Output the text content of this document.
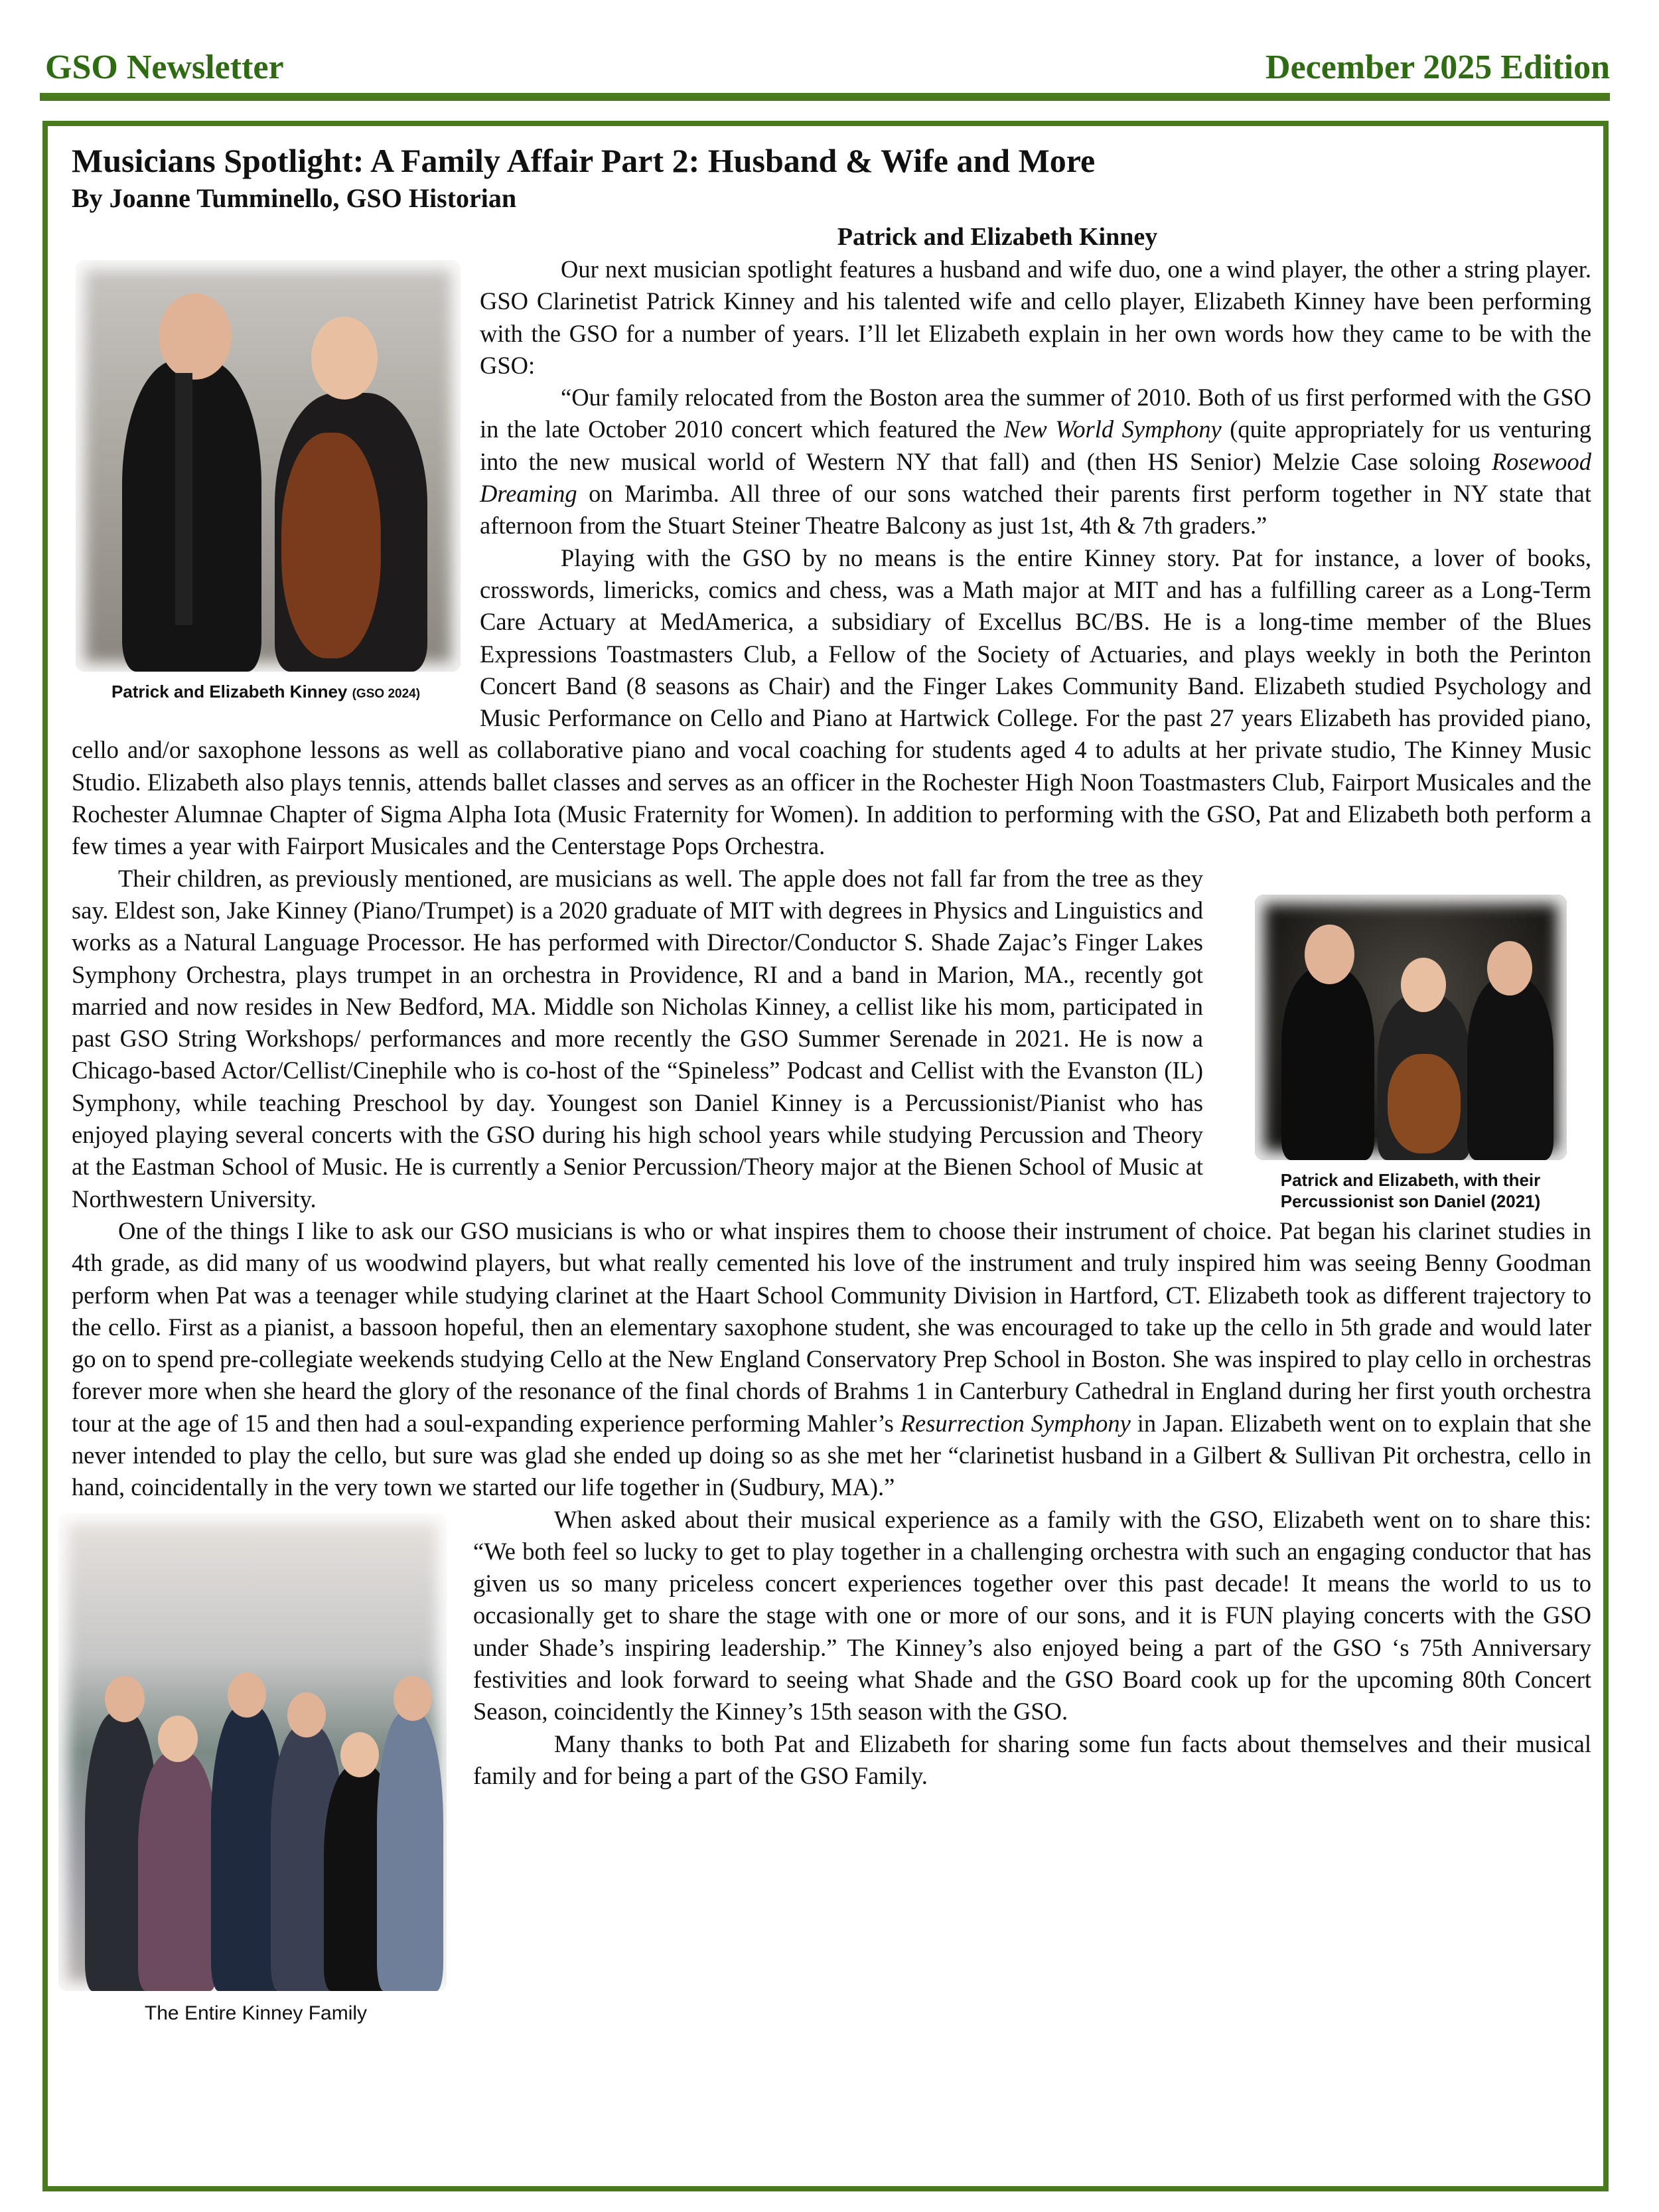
GSO Newsletter	December 2025 Edition
Musicians Spotlight: A Family Affair Part 2: Husband & Wife and More
By Joanne Tumminello, GSO Historian
Patrick and Elizabeth Kinney
Patrick and Elizabeth Kinney (GSO 2024)

Our next musician spotlight features a husband and wife duo, one a wind player, the other a string player. GSO Clarinetist Patrick Kinney and his talented wife and cello player, Elizabeth Kinney have been performing with the GSO for a number of years. I’ll let Elizabeth explain in her own words how they came to be with the GSO:

“Our family relocated from the Boston area the summer of 2010. Both of us first performed with the GSO in the late October 2010 concert which featured the New World Symphony (quite appropriately for us venturing into the new musical world of Western NY that fall) and (then HS Senior) Melzie Case soloing Rosewood Dreaming on Marimba. All three of our sons watched their parents first perform together in NY state that afternoon from the Stuart Steiner Theatre Balcony as just 1st, 4th & 7th graders.”

Playing with the GSO by no means is the entire Kinney story. Pat for instance, a lover of books, crosswords, limericks, comics and chess, was a Math major at MIT and has a fulfilling career as a Long-Term Care Actuary at MedAmerica, a subsidiary of Excellus BC/BS. He is a long-time member of the Blues Expressions Toastmasters Club, a Fellow of the Society of Actuaries, and plays weekly in both the Perinton Concert Band (8 seasons as Chair) and the Finger Lakes Community Band. Elizabeth studied Psychology and Music Performance on Cello and Piano at Hartwick College. For the past 27 years Elizabeth has provided piano, cello and/or saxophone lessons as well as collaborative piano and vocal coaching for students aged 4 to adults at her private studio, The Kinney Music Studio. Elizabeth also plays tennis, attends ballet classes and serves as an officer in the Rochester High Noon Toastmasters Club, Fairport Musicales and the Rochester Alumnae Chapter of Sigma Alpha Iota (Music Fraternity for Women). In addition to performing with the GSO, Pat and Elizabeth both perform a few times a year with Fairport Musicales and the Centerstage Pops Orchestra.

Patrick and Elizabeth, with their
Percussionist son Daniel (2021)

Their children, as previously mentioned, are musicians as well. The apple does not fall far from the tree as they say. Eldest son, Jake Kinney (Piano/Trumpet) is a 2020 graduate of MIT with degrees in Physics and Linguistics and works as a Natural Language Processor. He has performed with Director/Conductor S. Shade Zajac’s Finger Lakes Symphony Orchestra, plays trumpet in an orchestra in Providence, RI and a band in Marion, MA., recently got married and now resides in New Bedford, MA. Middle son Nicholas Kinney, a cellist like his mom, participated in past GSO String Workshops/ performances and more recently the GSO Summer Serenade in 2021. He is now a Chicago-based Actor/Cellist/Cinephile who is co-host of the “Spineless” Podcast and Cellist with the Evanston (IL) Symphony, while teaching Preschool by day. Youngest son Daniel Kinney is a Percussionist/Pianist who has enjoyed playing several concerts with the GSO during his high school years while studying Percussion and Theory at the Eastman School of Music. He is currently a Senior Percussion/Theory major at the Bienen School of Music at Northwestern University.

One of the things I like to ask our GSO musicians is who or what inspires them to choose their instrument of choice. Pat began his clarinet studies in 4th grade, as did many of us woodwind players, but what really cemented his love of the instrument and truly inspired him was seeing Benny Goodman perform when Pat was a teenager while studying clarinet at the Haart School Community Division in Hartford, CT. Elizabeth took as different trajectory to the cello. First as a pianist, a bassoon hopeful, then an elementary saxophone student, she was encouraged to take up the cello in 5th grade and would later go on to spend pre-collegiate weekends studying Cello at the New England Conservatory Prep School in Boston. She was inspired to play cello in orchestras forever more when she heard the glory of the resonance of the final chords of Brahms 1 in Canterbury Cathedral in England during her first youth orchestra tour at the age of 15 and then had a soul-expanding experience performing Mahler’s Resurrection Symphony in Japan. Elizabeth went on to explain that she never intended to play the cello, but sure was glad she ended up doing so as she met her “clarinetist husband in a Gilbert & Sullivan Pit orchestra, cello in hand, coincidentally in the very town we started our life together in (Sudbury, MA).”

The Entire Kinney Family

When asked about their musical experience as a family with the GSO, Elizabeth went on to share this: “We both feel so lucky to get to play together in a challenging orchestra with such an engaging conductor that has given us so many priceless concert experiences together over this past decade! It means the world to us to occasionally get to share the stage with one or more of our sons, and it is FUN playing concerts with the GSO under Shade’s inspiring leadership.” The Kinney’s also enjoyed being a part of the GSO ‘s 75th Anniversary festivities and look forward to seeing what Shade and the GSO Board cook up for the upcoming 80th Concert Season, coincidently the Kinney’s 15th season with the GSO.

Many thanks to both Pat and Elizabeth for sharing some fun facts about themselves and their musical family and for being a part of the GSO Family.
